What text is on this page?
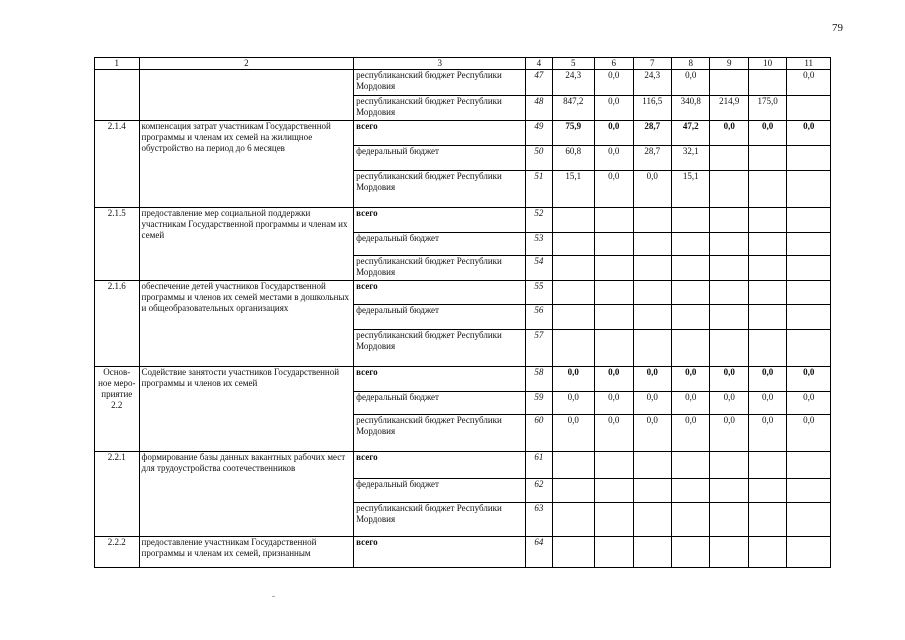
79
1	2	3	4	5	6	7	8	9	10	11
		республиканский бюджет Республики Мордовия	47	24,3	0,0	24,3	0,0			0,0
		республиканский бюджет Республики Мордовия	48	847,2	0,0	116,5	340,8	214,9	175,0	
2.1.4	компенсация затрат участникам Государственной программы и членам их семей на жилищное обустройство на период до 6 месяцев	всего	49	75,9	0,0	28,7	47,2	0,0	0,0	0,0
		федеральный бюджет	50	60,8	0,0	28,7	32,1			
		республиканский бюджет Республики Мордовия	51	15,1	0,0	0,0	15,1			
2.1.5	предоставление мер социальной поддержки участникам Государственной программы и членам их семей	всего	52							
		федеральный бюджет	53							
		республиканский бюджет Республики Мордовия	54							
2.1.6	обеспечение детей участников Государственной программы и членов их семей местами в дошкольных и общеобразовательных организациях	всего	55							
		федеральный бюджет	56							
		республиканский бюджет Республики Мордовия	57							
Основ-ное меро-приятие 2.2	Содействие занятости участников Государственной программы и членов их семей	всего	58	0,0	0,0	0,0	0,0	0,0	0,0	0,0
		федеральный бюджет	59	0,0	0,0	0,0	0,0	0,0	0,0	0,0
		республиканский бюджет Республики Мордовия	60	0,0	0,0	0,0	0,0	0,0	0,0	0,0
2.2.1	формирование базы данных вакантных рабочих мест для трудоустройства соотечественников	всего	61							
		федеральный бюджет	62							
		республиканский бюджет Республики Мордовия	63							
2.2.2	предоставление участникам Государственной программы и членам их семей, признанным	всего	64							
